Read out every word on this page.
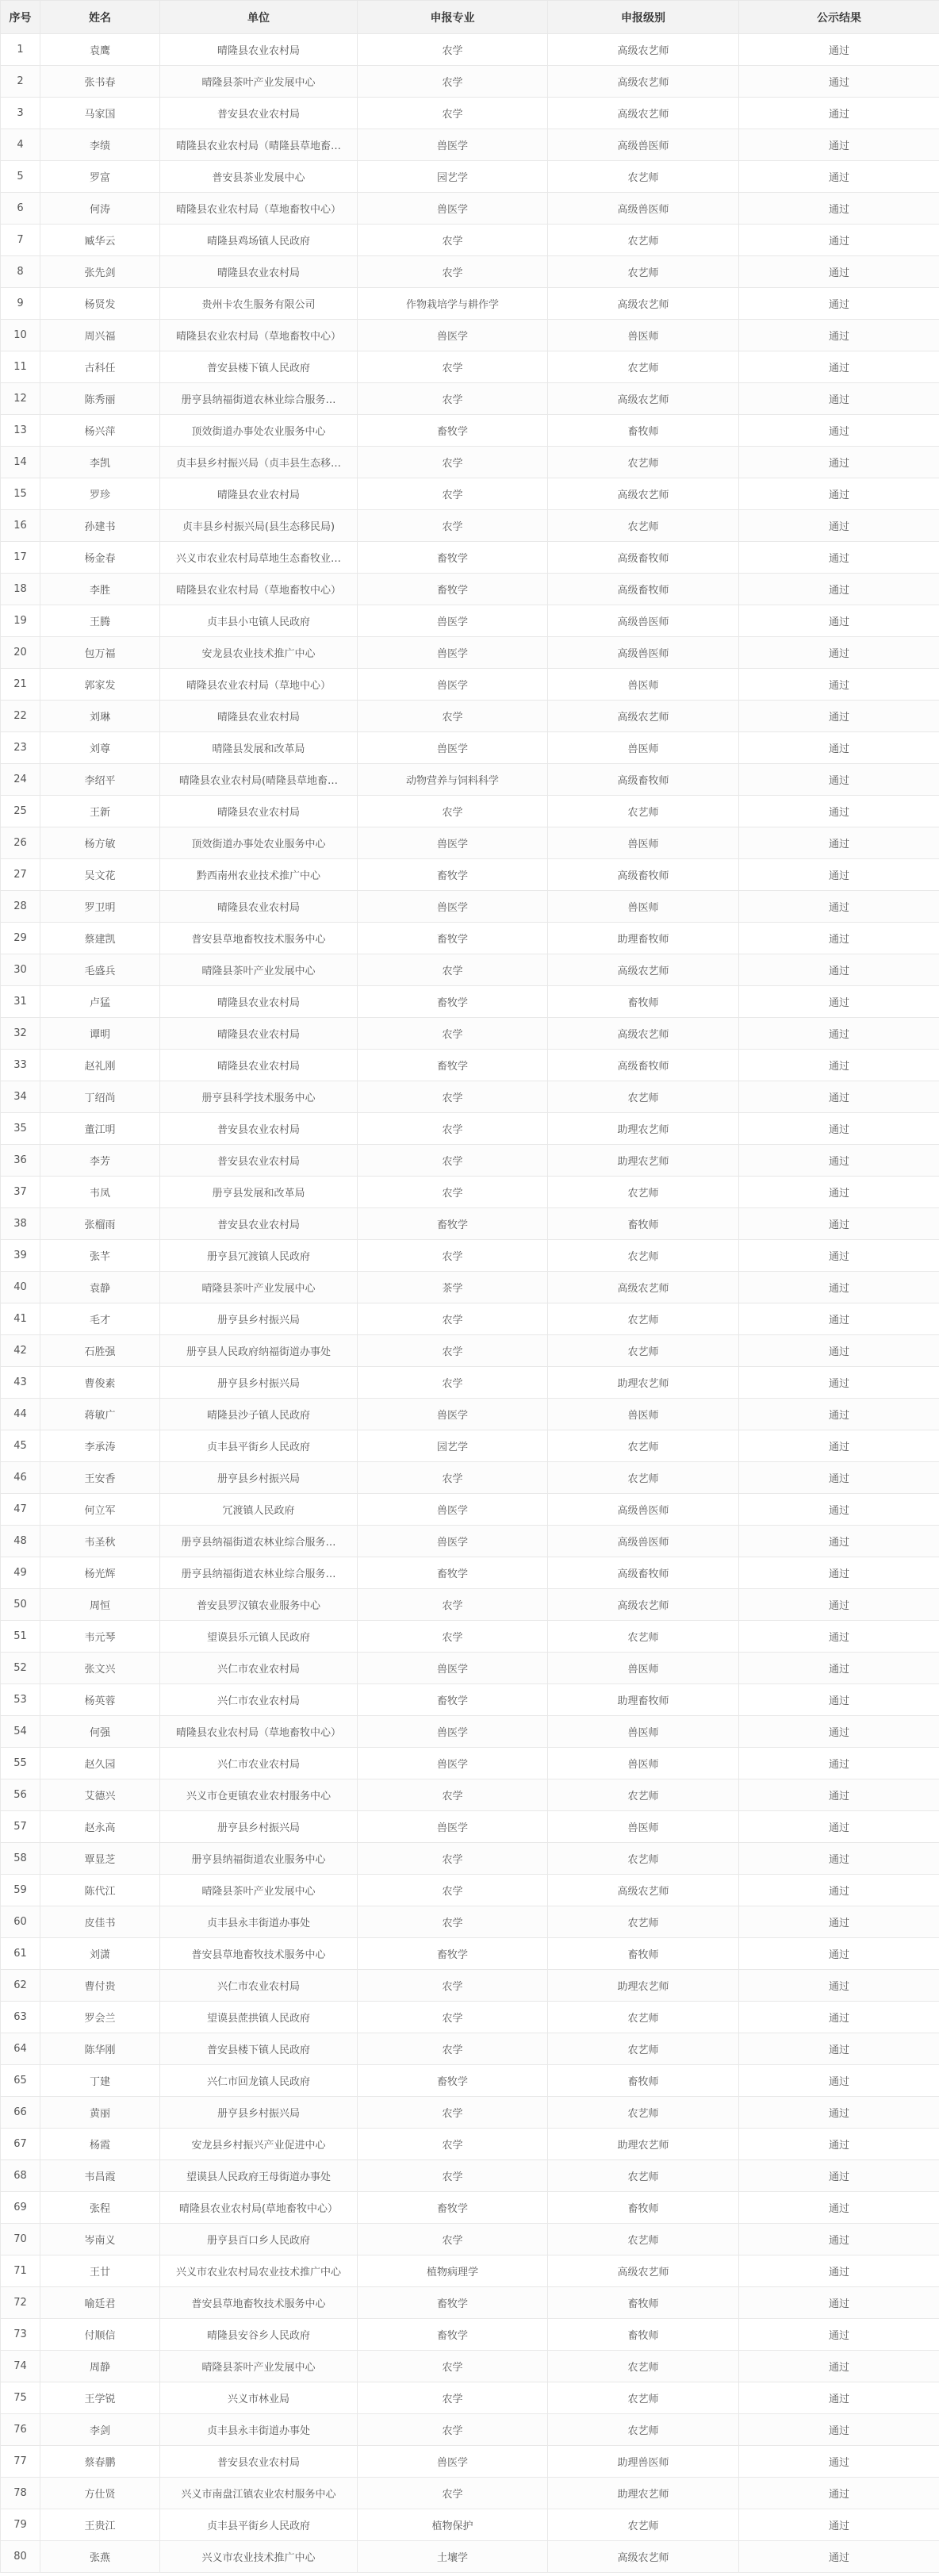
序号	姓名	单位	申报专业	申报级别	公示结果
1	袁鹰	晴隆县农业农村局	农学	高级农艺师	通过
2	张书春	晴隆县茶叶产业发展中心	农学	高级农艺师	通过
3	马家国	普安县农业农村局	农学	高级农艺师	通过
4	李绩	晴隆县农业农村局（晴隆县草地畜…	兽医学	高级兽医师	通过
5	罗富	普安县茶业发展中心	园艺学	农艺师	通过
6	何涛	晴隆县农业农村局（草地畜牧中心）	兽医学	高级兽医师	通过
7	臧华云	晴隆县鸡场镇人民政府	农学	农艺师	通过
8	张先剑	晴隆县农业农村局	农学	农艺师	通过
9	杨贤发	贵州卡农生服务有限公司	作物栽培学与耕作学	高级农艺师	通过
10	周兴福	晴隆县农业农村局（草地畜牧中心）	兽医学	兽医师	通过
11	古科任	普安县楼下镇人民政府	农学	农艺师	通过
12	陈秀丽	册亨县纳福街道农林业综合服务…	农学	高级农艺师	通过
13	杨兴萍	顶效街道办事处农业服务中心	畜牧学	畜牧师	通过
14	李凯	贞丰县乡村振兴局（贞丰县生态移…	农学	农艺师	通过
15	罗珍	晴隆县农业农村局	农学	高级农艺师	通过
16	孙建书	贞丰县乡村振兴局(县生态移民局)	农学	农艺师	通过
17	杨金春	兴义市农业农村局草地生态畜牧业…	畜牧学	高级畜牧师	通过
18	李胜	晴隆县农业农村局（草地畜牧中心）	畜牧学	高级畜牧师	通过
19	王腾	贞丰县小屯镇人民政府	兽医学	高级兽医师	通过
20	包万福	安龙县农业技术推广中心	兽医学	高级兽医师	通过
21	郭家发	晴隆县农业农村局（草地中心）	兽医学	兽医师	通过
22	刘琳	晴隆县农业农村局	农学	高级农艺师	通过
23	刘尊	晴隆县发展和改革局	兽医学	兽医师	通过
24	李绍平	晴隆县农业农村局(晴隆县草地畜…	动物营养与饲料科学	高级畜牧师	通过
25	王新	晴隆县农业农村局	农学	农艺师	通过
26	杨方敏	顶效街道办事处农业服务中心	兽医学	兽医师	通过
27	吴文花	黔西南州农业技术推广中心	畜牧学	高级畜牧师	通过
28	罗卫明	晴隆县农业农村局	兽医学	兽医师	通过
29	蔡建凯	普安县草地畜牧技术服务中心	畜牧学	助理畜牧师	通过
30	毛盛兵	晴隆县茶叶产业发展中心	农学	高级农艺师	通过
31	卢猛	晴隆县农业农村局	畜牧学	畜牧师	通过
32	谭明	晴隆县农业农村局	农学	高级农艺师	通过
33	赵礼刚	晴隆县农业农村局	畜牧学	高级畜牧师	通过
34	丁绍尚	册亨县科学技术服务中心	农学	农艺师	通过
35	董江明	普安县农业农村局	农学	助理农艺师	通过
36	李芳	普安县农业农村局	农学	助理农艺师	通过
37	韦凤	册亨县发展和改革局	农学	农艺师	通过
38	张榴雨	普安县农业农村局	畜牧学	畜牧师	通过
39	张芊	册亨县冗渡镇人民政府	农学	农艺师	通过
40	袁静	晴隆县茶叶产业发展中心	茶学	高级农艺师	通过
41	毛才	册亨县乡村振兴局	农学	农艺师	通过
42	石胜强	册亨县人民政府纳福街道办事处	农学	农艺师	通过
43	曹俊素	册亨县乡村振兴局	农学	助理农艺师	通过
44	蒋敏广	晴隆县沙子镇人民政府	兽医学	兽医师	通过
45	李承涛	贞丰县平街乡人民政府	园艺学	农艺师	通过
46	王安香	册亨县乡村振兴局	农学	农艺师	通过
47	何立军	冗渡镇人民政府	兽医学	高级兽医师	通过
48	韦圣秋	册亨县纳福街道农林业综合服务…	兽医学	高级兽医师	通过
49	杨光辉	册亨县纳福街道农林业综合服务…	畜牧学	高级畜牧师	通过
50	周恒	普安县罗汉镇农业服务中心	农学	高级农艺师	通过
51	韦元琴	望谟县乐元镇人民政府	农学	农艺师	通过
52	张文兴	兴仁市农业农村局	兽医学	兽医师	通过
53	杨英蓉	兴仁市农业农村局	畜牧学	助理畜牧师	通过
54	何强	晴隆县农业农村局（草地畜牧中心）	兽医学	兽医师	通过
55	赵久园	兴仁市农业农村局	兽医学	兽医师	通过
56	艾德兴	兴义市仓更镇农业农村服务中心	农学	农艺师	通过
57	赵永高	册亨县乡村振兴局	兽医学	兽医师	通过
58	覃显芝	册亨县纳福街道农业服务中心	农学	农艺师	通过
59	陈代江	晴隆县茶叶产业发展中心	农学	高级农艺师	通过
60	皮佳书	贞丰县永丰街道办事处	农学	农艺师	通过
61	刘潇	普安县草地畜牧技术服务中心	畜牧学	畜牧师	通过
62	曹付贵	兴仁市农业农村局	农学	助理农艺师	通过
63	罗会兰	望谟县蔗拱镇人民政府	农学	农艺师	通过
64	陈华刚	普安县楼下镇人民政府	农学	农艺师	通过
65	丁建	兴仁市回龙镇人民政府	畜牧学	畜牧师	通过
66	黄丽	册亨县乡村振兴局	农学	农艺师	通过
67	杨霞	安龙县乡村振兴产业促进中心	农学	助理农艺师	通过
68	韦昌霞	望谟县人民政府王母街道办事处	农学	农艺师	通过
69	张程	晴隆县农业农村局(草地畜牧中心）	畜牧学	畜牧师	通过
70	岑南义	册亨县百口乡人民政府	农学	农艺师	通过
71	王廿	兴义市农业农村局农业技术推广中心	植物病理学	高级农艺师	通过
72	喻廷君	普安县草地畜牧技术服务中心	畜牧学	畜牧师	通过
73	付顺信	晴隆县安谷乡人民政府	畜牧学	畜牧师	通过
74	周静	晴隆县茶叶产业发展中心	农学	农艺师	通过
75	王学锐	兴义市林业局	农学	农艺师	通过
76	李剑	贞丰县永丰街道办事处	农学	农艺师	通过
77	蔡春鹏	普安县农业农村局	兽医学	助理兽医师	通过
78	方仕贤	兴义市南盘江镇农业农村服务中心	农学	助理农艺师	通过
79	王贵江	贞丰县平街乡人民政府	植物保护	农艺师	通过
80	张燕	兴义市农业技术推广中心	土壤学	高级农艺师	通过
